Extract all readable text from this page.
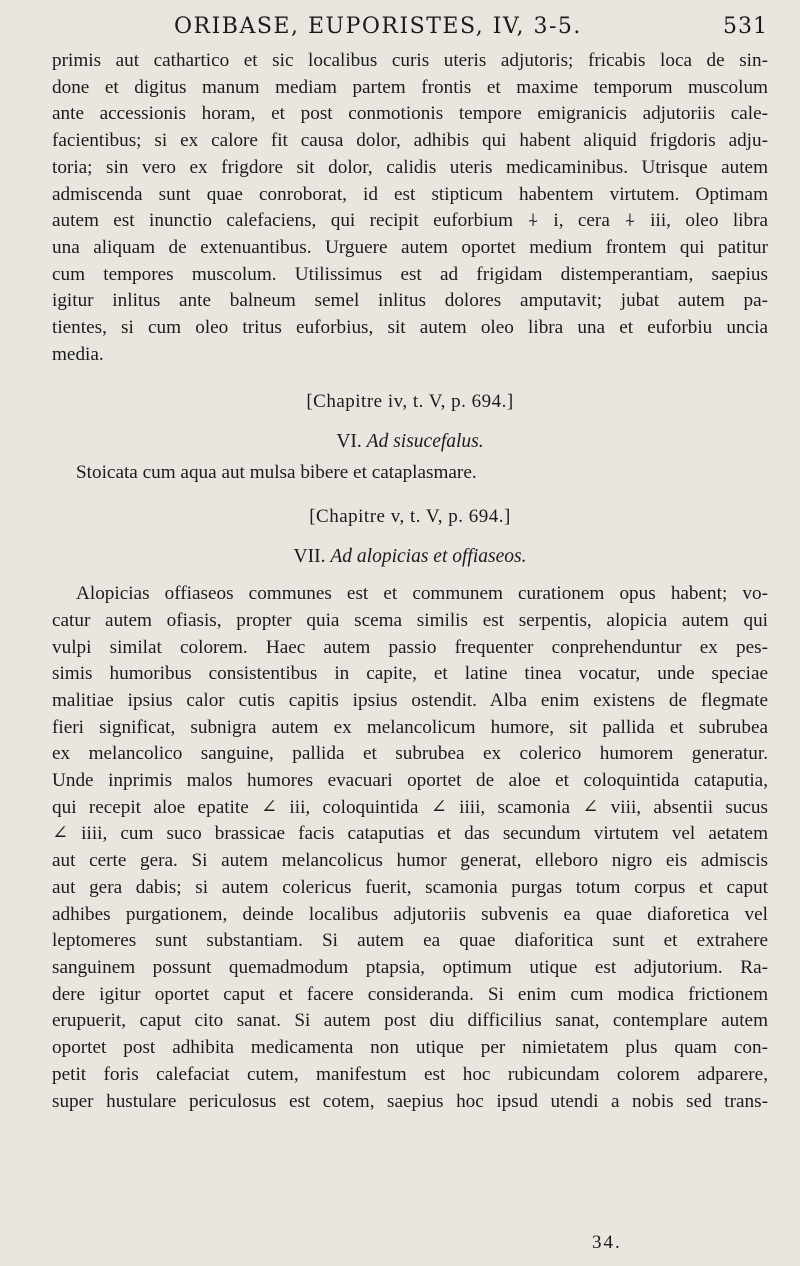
ORIBASE, EUPORISTES, IV, 3-5.	531
primis aut cathartico et sic localibus curis uteris adjutoris; fricabis loca de sin-
done et digitus manum mediam partem frontis et maxime temporum muscolum
ante accessionis horam, et post conmotionis tempore emigranicis adjutoriis cale-
facientibus; si ex calore fit causa dolor, adhibis qui habent aliquid frigdoris adju-
toria; sin vero ex frigdore sit dolor, calidis uteris medicaminibus. Utrisque autem
admiscenda sunt quae conroborat, id est stipticum habentem virtutem. Optimam
autem est inunctio calefaciens, qui recipit euforbium ⍭ i, cera ⍭ iii, oleo libra
una aliquam de extenuantibus. Urguere autem oportet medium frontem qui patitur
cum tempores muscolum. Utilissimus est ad frigidam distemperantiam, saepius
igitur inlitus ante balneum semel inlitus dolores amputavit; jubat autem pa-
tientes, si cum oleo tritus euforbius, sit autem oleo libra una et euforbiu uncia
media.
[Chapitre iv, t. V, p. 694.]
VI. Ad sisucefalus.
Stoicata cum aqua aut mulsa bibere et cataplasmare.
[Chapitre v, t. V, p. 694.]
VII. Ad alopicias et offiaseos.
Alopicias offiaseos communes est et communem curationem opus habent; vo-
catur autem ofiasis, propter quia scema similis est serpentis, alopicia autem qui
vulpi similat colorem. Haec autem passio frequenter conprehenduntur ex pes-
simis humoribus consistentibus in capite, et latine tinea vocatur, unde speciae
malitiae ipsius calor cutis capitis ipsius ostendit. Alba enim existens de flegmate
fieri significat, subnigra autem ex melancolicum humore, sit pallida et subrubea
ex melancolico sanguine, pallida et subrubea ex colerico humorem generatur.
Unde inprimis malos humores evacuari oportet de aloe et coloquintida cataputia,
qui recepit aloe epatite ∠ iii, coloquintida ∠ iiii, scamonia ∠ viii, absentii sucus
∠ iiii, cum suco brassicae facis cataputias et das secundum virtutem vel aetatem
aut certe gera. Si autem melancolicus humor generat, elleboro nigro eis admiscis
aut gera dabis; si autem colericus fuerit, scamonia purgas totum corpus et caput
adhibes purgationem, deinde localibus adjutoriis subvenis ea quae diaforetica vel
leptomeres sunt substantiam. Si autem ea quae diaforitica sunt et extrahere
sanguinem possunt quemadmodum ptapsia, optimum utique est adjutorium. Ra-
dere igitur oportet caput et facere consideranda. Si enim cum modica frictionem
erupuerit, caput cito sanat. Si autem post diu difficilius sanat, contemplare autem
oportet post adhibita medicamenta non utique per nimietatem plus quam con-
petit foris calefaciat cutem, manifestum est hoc rubicundam colorem adparere,
super hustulare periculosus est cotem, saepius hoc ipsud utendi a nobis sed trans-
34.
